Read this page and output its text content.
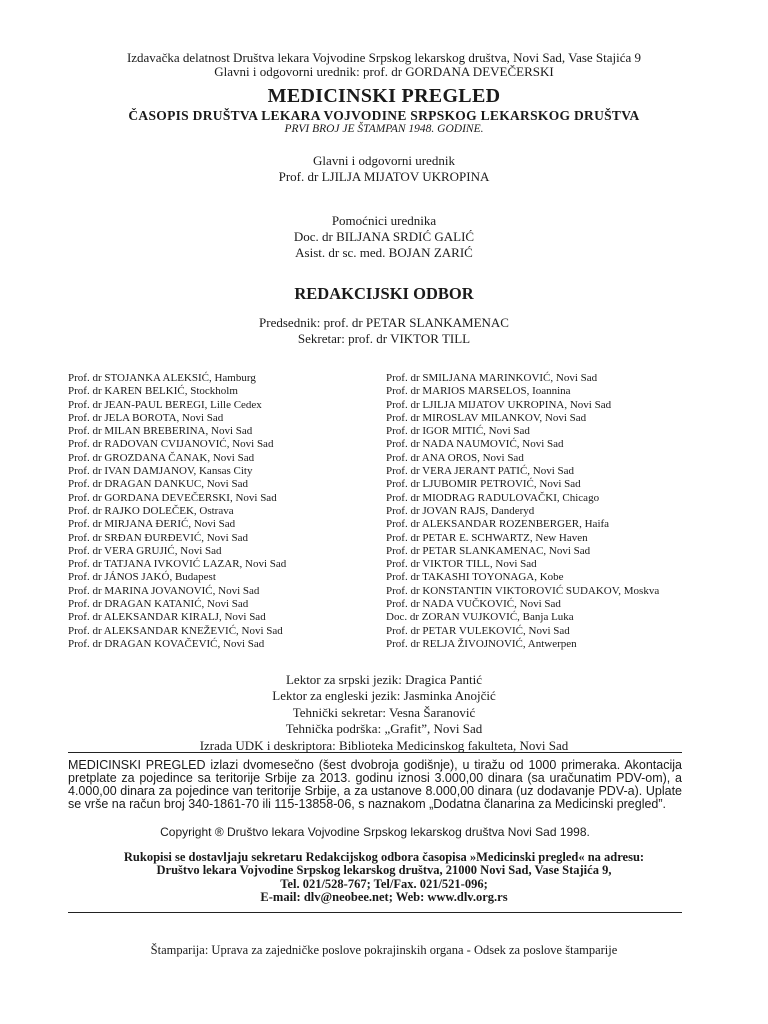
Izdavačka delatnost Društva lekara Vojvodine Srpskog lekarskog društva, Novi Sad, Vase Stajića 9
Glavni i odgovorni urednik: prof. dr GORDANA DEVEČERSKI
MEDICINSKI PREGLED
ČASOPIS DRUŠTVA LEKARA VOJVODINE SRPSKOG LEKARSKOG DRUŠTVA
PRVI BROJ JE ŠTAMPAN 1948. GODINE.
Glavni i odgovorni urednik
Prof. dr LJILJA MIJATOV UKROPINA
Pomoćnici urednika
Doc. dr BILJANA SRDIĆ GALIĆ
Asist. dr sc. med. BOJAN ZARIĆ
REDAKCIJSKI ODBOR
Predsednik: prof. dr PETAR SLANKAMENAC
Sekretar: prof. dr VIKTOR TILL
Prof. dr STOJANKA ALEKSIĆ, Hamburg
Prof. dr KAREN BELKIĆ, Stockholm
Prof. dr JEAN-PAUL BEREGI, Lille Cedex
Prof. dr JELA BOROTA, Novi Sad
Prof. dr MILAN BREBERINA, Novi Sad
Prof. dr RADOVAN CVIJANOVIĆ, Novi Sad
Prof. dr GROZDANA ČANAK, Novi Sad
Prof. dr IVAN DAMJANOV, Kansas City
Prof. dr DRAGAN DANKUC, Novi Sad
Prof. dr GORDANA DEVEČERSKI, Novi Sad
Prof. dr RAJKO DOLEČEK, Ostrava
Prof. dr MIRJANA ĐERIĆ, Novi Sad
Prof. dr SRĐAN ĐURĐEVIĆ, Novi Sad
Prof. dr VERA GRUJIĆ, Novi Sad
Prof. dr TATJANA IVKOVIĆ LAZAR, Novi Sad
Prof. dr JÁNOS JAKÓ, Budapest
Prof. dr MARINA JOVANOVIĆ, Novi Sad
Prof. dr DRAGAN KATANIĆ, Novi Sad
Prof. dr ALEKSANDAR KIRALJ, Novi Sad
Prof. dr ALEKSANDAR KNEŽEVIĆ, Novi Sad
Prof. dr DRAGAN KOVAČEVIĆ, Novi Sad
Prof. dr SMILJANA MARINKOVIĆ, Novi Sad
Prof. dr MARIOS MARSELOS, Ioannina
Prof. dr LJILJA MIJATOV UKROPINA, Novi Sad
Prof. dr MIROSLAV MILANKOV, Novi Sad
Prof. dr IGOR MITIĆ, Novi Sad
Prof. dr NADA NAUMOVIĆ, Novi Sad
Prof. dr ANA OROS, Novi Sad
Prof. dr VERA JERANT PATIĆ, Novi Sad
Prof. dr LJUBOMIR PETROVIĆ, Novi Sad
Prof. dr MIODRAG RADULOVAČKI, Chicago
Prof. dr JOVAN RAJS, Danderyd
Prof. dr ALEKSANDAR ROZENBERGER, Haifa
Prof. dr PETAR E. SCHWARTZ, New Haven
Prof. dr PETAR SLANKAMENAC, Novi Sad
Prof. dr VIKTOR TILL, Novi Sad
Prof. dr TAKASHI TOYONAGA, Kobe
Prof. dr KONSTANTIN VIKTOROVIĆ SUDAKOV, Moskva
Prof. dr NADA VUČKOVIĆ, Novi Sad
Doc. dr ZORAN VUJKOVIĆ, Banja Luka
Prof. dr PETAR VULEKOVIĆ, Novi Sad
Prof. dr RELJA ŽIVOJNOVIĆ, Antwerpen
Lektor za srpski jezik: Dragica Pantić
Lektor za engleski jezik: Jasminka Anojčić
Tehnički sekretar: Vesna Šaranović
Tehnička podrška: „Grafit”, Novi Sad
Izrada UDK i deskriptora: Biblioteka Medicinskog fakulteta, Novi Sad
MEDICINSKI PREGLED izlazi dvomesečno (šest dvobroja godišnje), u tiražu od 1000 primeraka. Akontacija pretplate za pojedince sa teritorije Srbije za 2013. godinu iznosi 3.000,00 dinara (sa uračunatim PDV-om), a 4.000,00 dinara za pojedince van teritorije Srbije, a za ustanove 8.000,00 dinara (uz dodavanje PDV-a). Uplate se vrše na račun broj 340-1861-70 ili 115-13858-06, s naznakom „Dodatna članarina za Medicinski pregled”.
Copyright ® Društvo lekara Vojvodine Srpskog lekarskog društva Novi Sad 1998.
Rukopisi se dostavljaju sekretaru Redakcijskog odbora časopisa »Medicinski pregled« na adresu:
Društvo lekara Vojvodine Srpskog lekarskog društva, 21000 Novi Sad, Vase Stajića 9,
Tel. 021/528-767; Tel/Fax. 021/521-096;
E-mail: dlv@neobee.net; Web: www.dlv.org.rs
Štamparija: Uprava za zajedničke poslove pokrajinskih organa - Odsek za poslove štamparije
